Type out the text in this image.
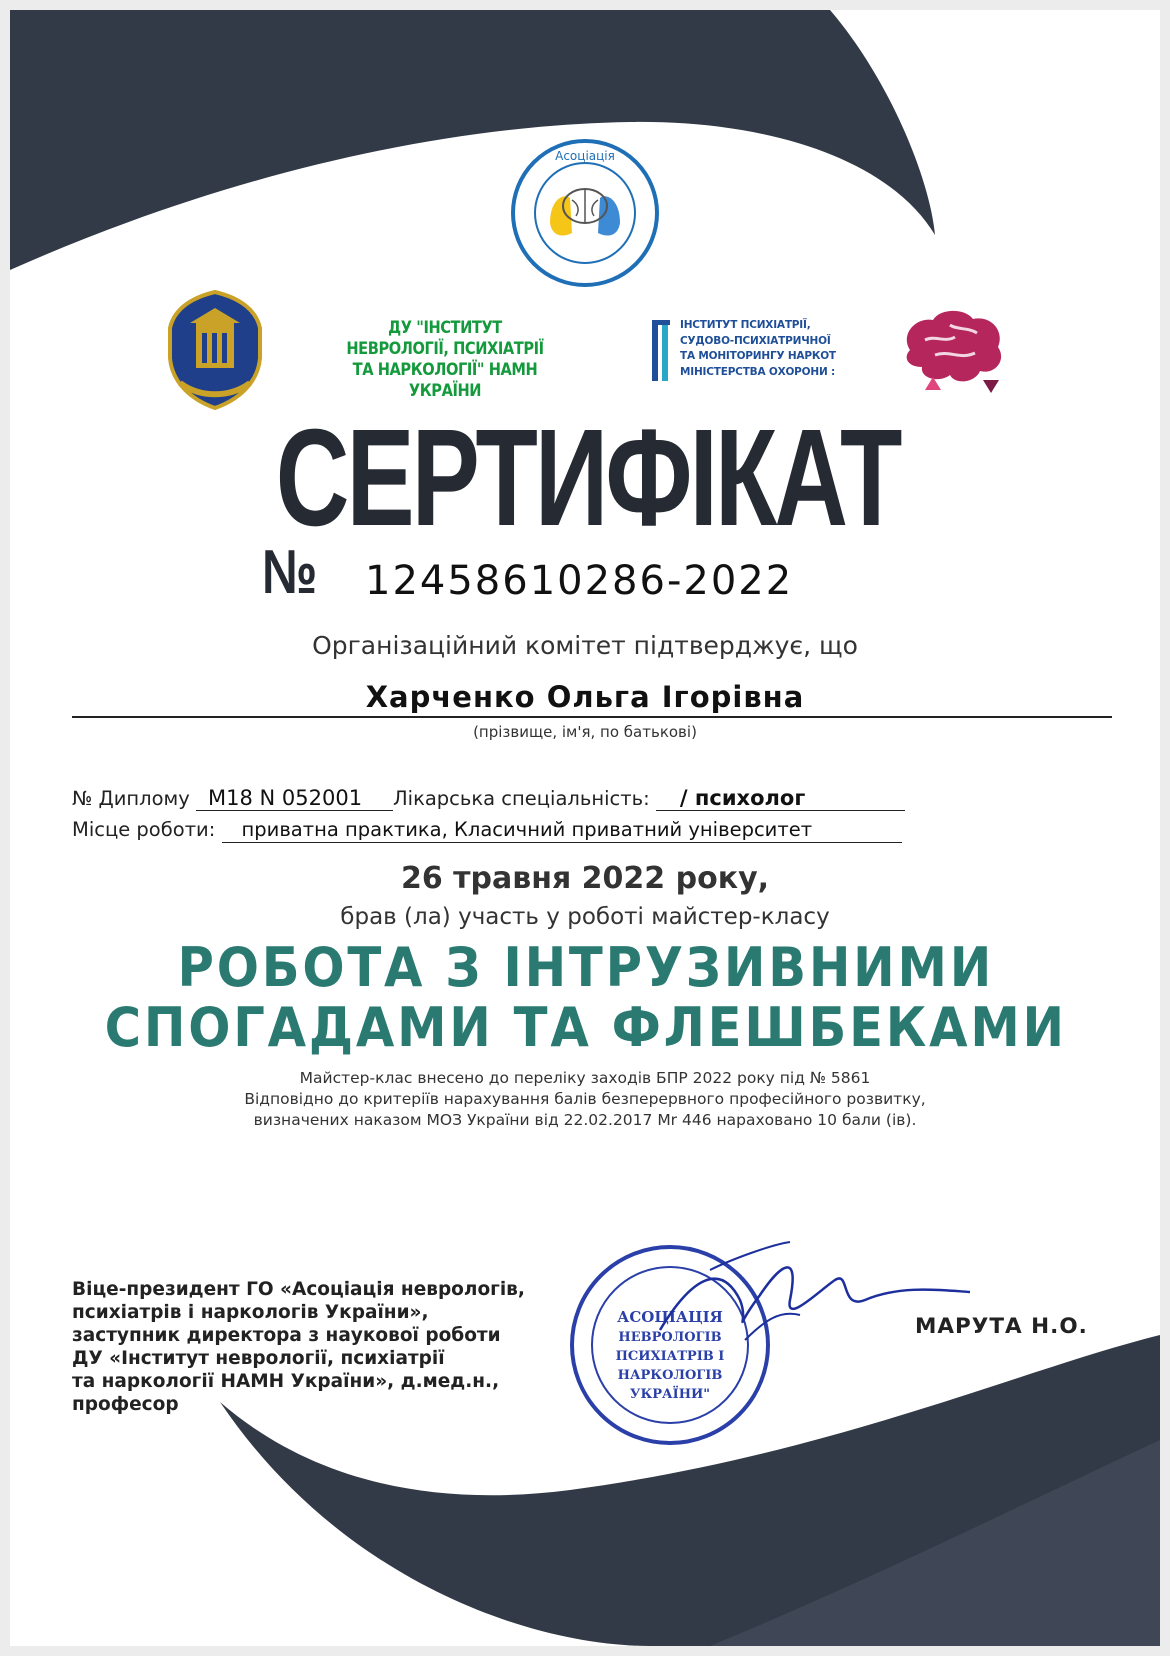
Асоціація
ДУ "ІНСТИТУТ НЕВРОЛОГІЇ, ПСИХІАТРІЇ ТА НАРКОЛОГІЇ" НАМН УКРАЇНИ
ІНСТИТУТ ПСИХІАТРІЇ, СУДОВО-ПСИХІАТРИЧНОЇ ТА МОНІТОРИНГУ НАРКОТ МІНІСТЕРСТВА ОХОРОНИ :
СЕРТИФІКАТ
№ 12458610286-2022
Організаційний комітет підтверджує, що
Харченко Ольга Ігорівна
(прізвище, ім'я, по батькові)
№ Диплому M18 N 052001 Лікарська спеціальність: / психолог
Місце роботи: приватна практика, Класичний приватний університет
26 травня 2022 року,
брав (ла) участь у роботі майстер-класу
РОБОТА З ІНТРУЗИВНИМИ
СПОГАДАМИ ТА ФЛЕШБЕКАМИ
Майстер-клас внесено до переліку заходів БПР 2022 року під № 5861
Відповідно до критеріїв нарахування балів безперервного професійного розвитку,
визначених наказом МОЗ України від 22.02.2017 Mr 446 нараховано 10 бали (ів).
Віце-президент ГО «Асоціація неврологів,
психіатрів і наркологів України»,
заступник директора з наукової роботи
ДУ «Інститут неврології, психіатрії
та наркології НАМН України», д.мед.н.,
професор
АСОЦІАЦІЯ
НЕВРОЛОГІВ
ПСИХІАТРІВ І
НАРКОЛОГІВ
УКРАЇНИ"
МАРУТА Н.О.
